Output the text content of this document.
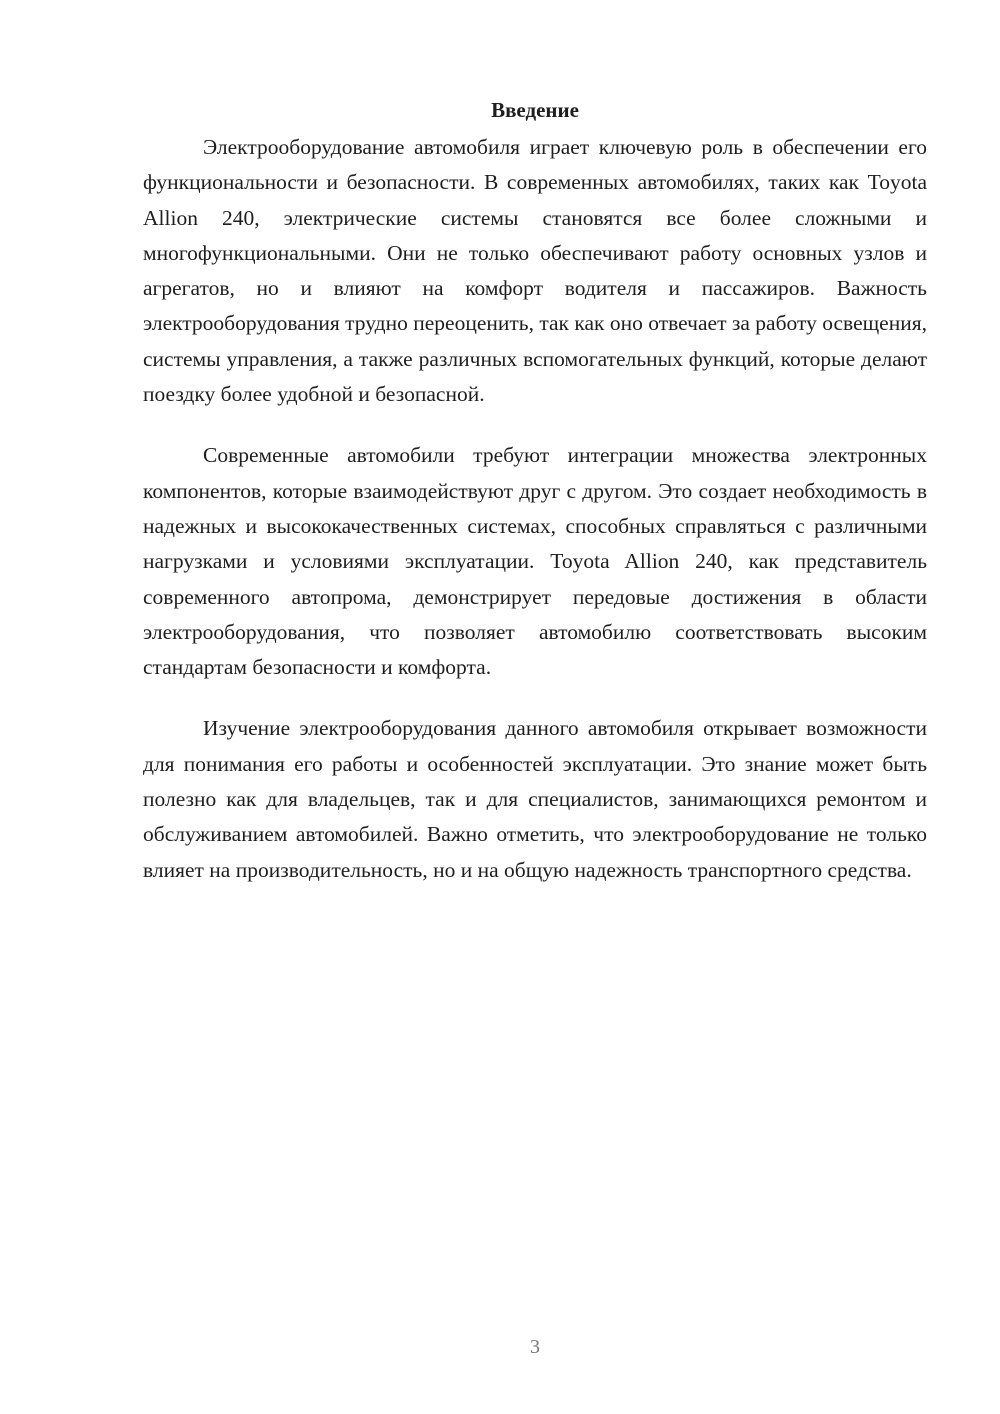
Введение

Электрооборудование автомобиля играет ключевую роль в обеспечении его функциональности и безопасности. В современных автомобилях, таких как Toyota Allion 240, электрические системы становятся все более сложными и многофункциональными. Они не только обеспечивают работу основных узлов и агрегатов, но и влияют на комфорт водителя и пассажиров. Важность электрооборудования трудно переоценить, так как оно отвечает за работу освещения, системы управления, а также различных вспомогательных функций, которые делают поездку более удобной и безопасной.

Современные автомобили требуют интеграции множества электронных компонентов, которые взаимодействуют друг с другом. Это создает необходимость в надежных и высококачественных системах, способных справляться с различными нагрузками и условиями эксплуатации. Toyota Allion 240, как представитель современного автопрома, демонстрирует передовые достижения в области электрооборудования, что позволяет автомобилю соответствовать высоким стандартам безопасности и комфорта.

Изучение электрооборудования данного автомобиля открывает возможности для понимания его работы и особенностей эксплуатации. Это знание может быть полезно как для владельцев, так и для специалистов, занимающихся ремонтом и обслуживанием автомобилей. Важно отметить, что электрооборудование не только влияет на производительность, но и на общую надежность транспортного средства.

3
